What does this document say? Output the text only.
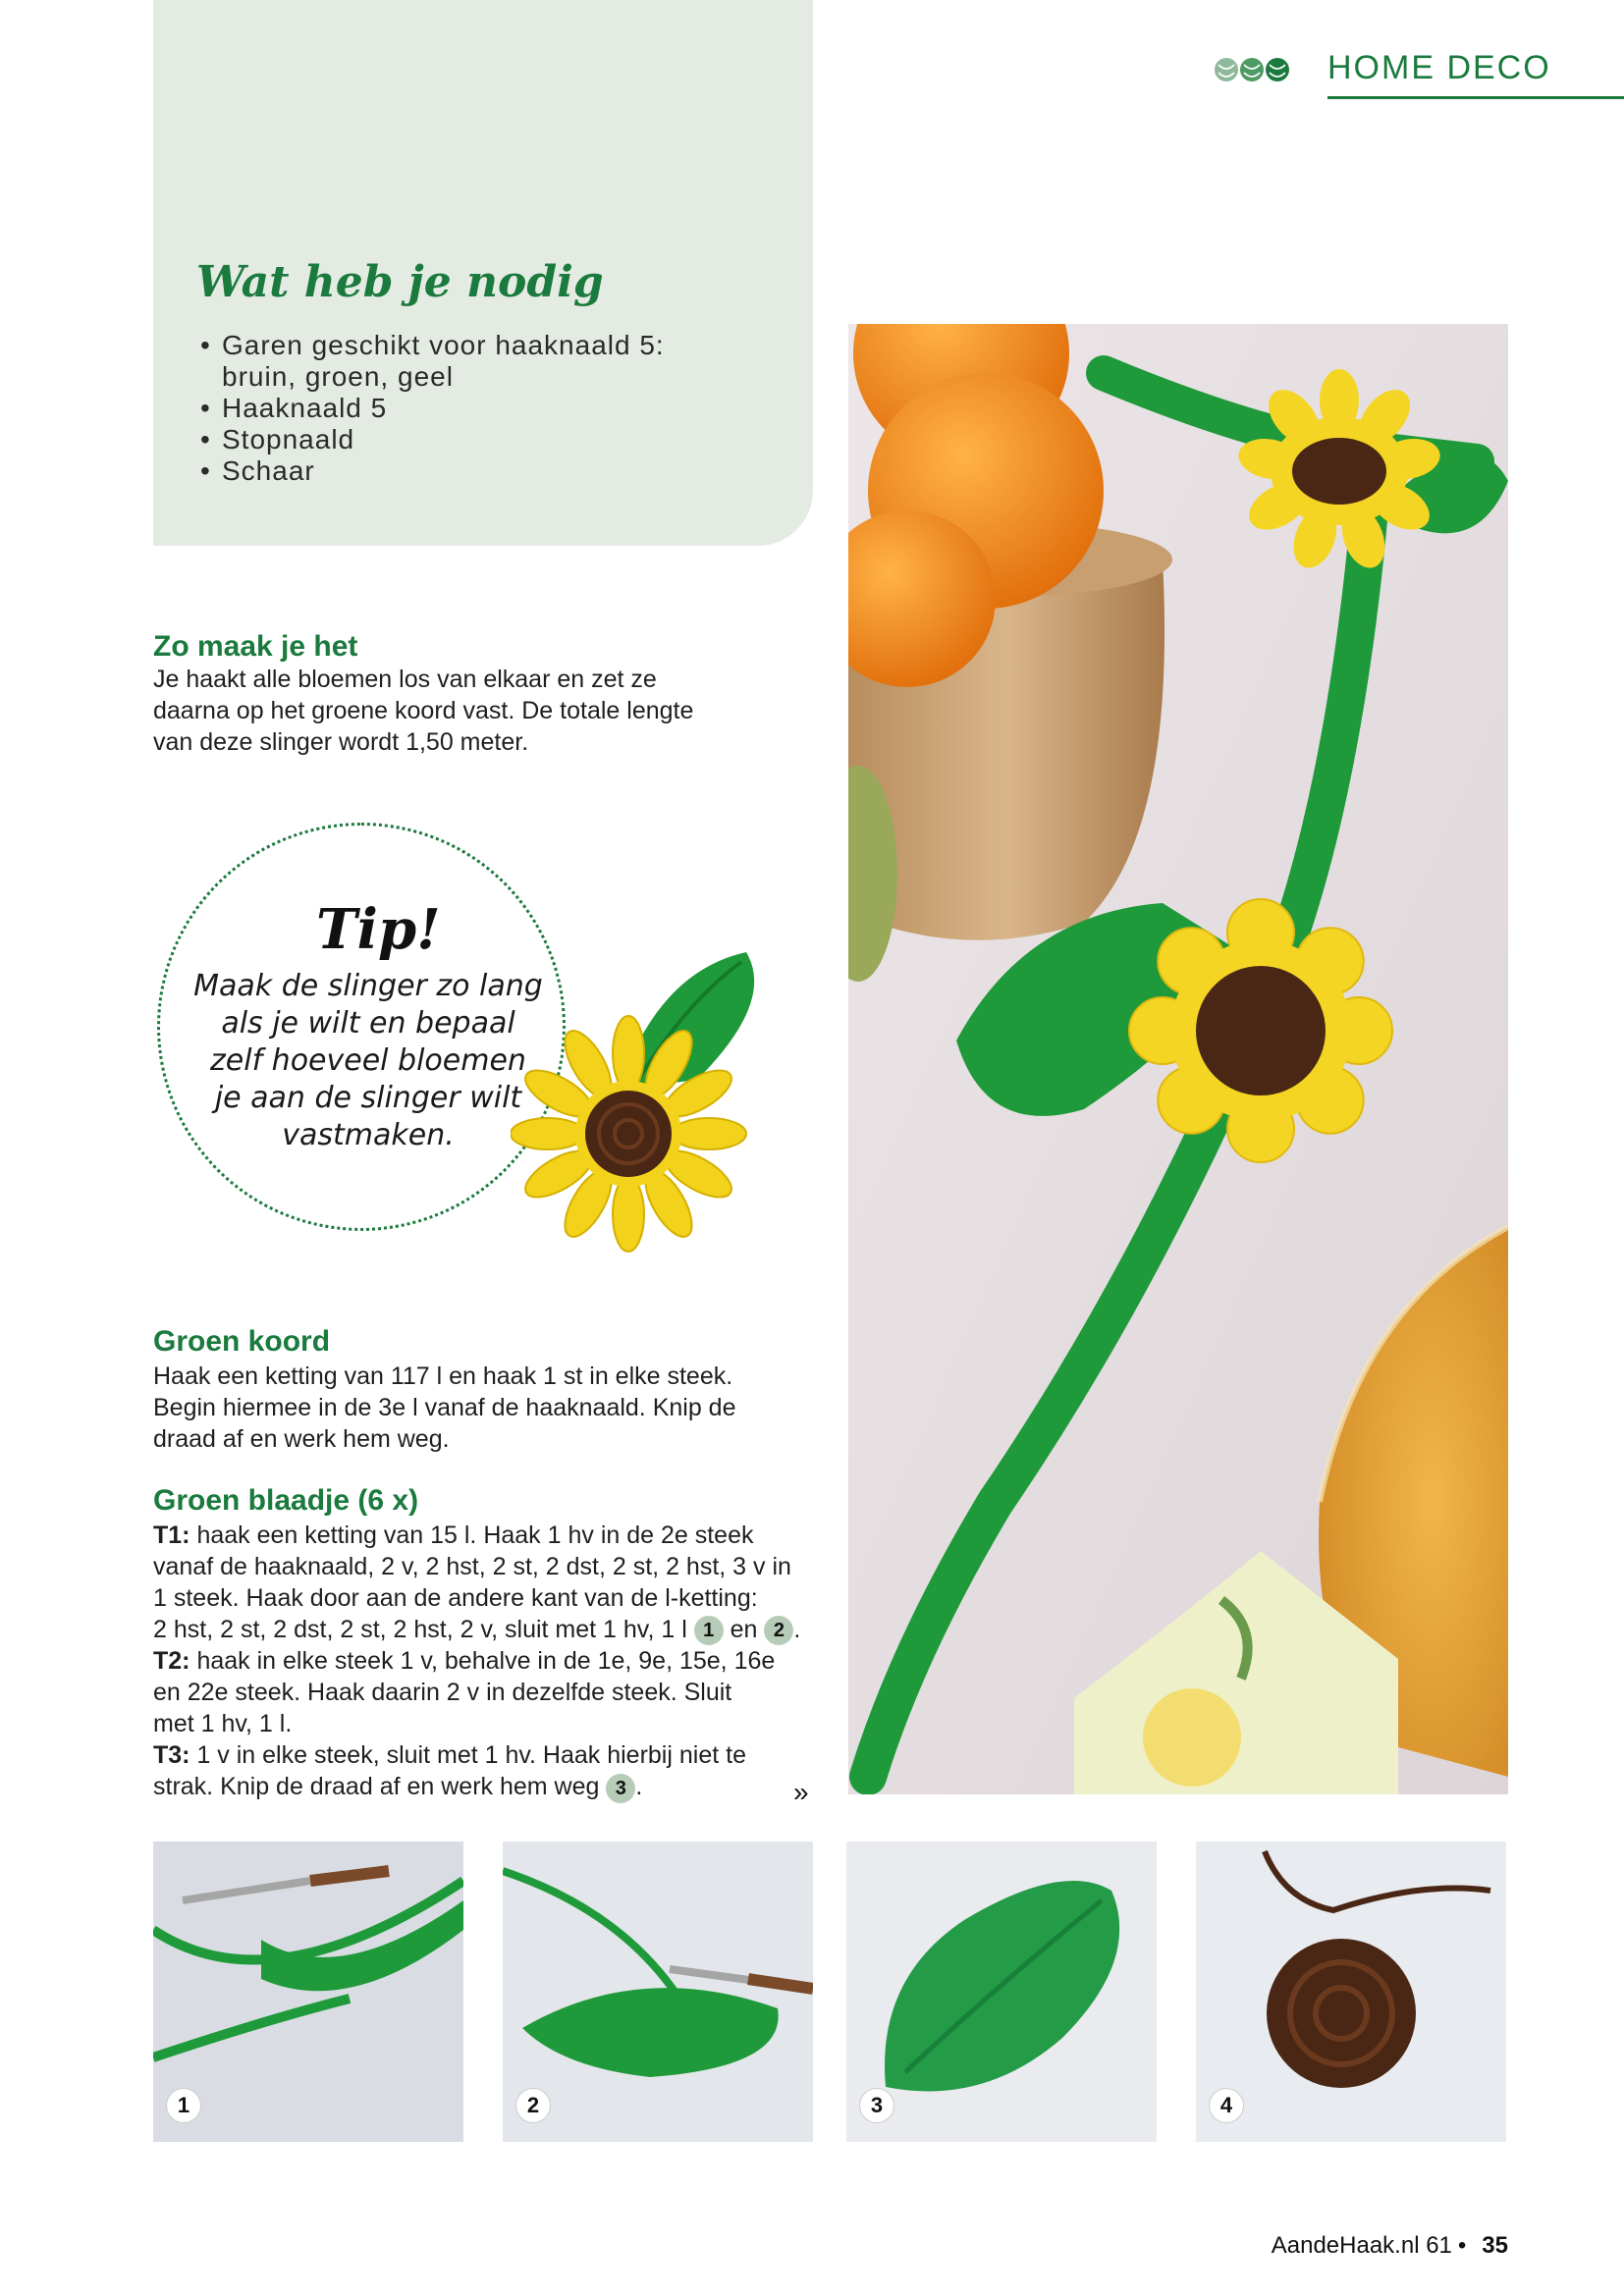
HOME DECO
Wat heb je nodig
• Garen geschikt voor haaknaald 5:
bruin, groen, geel
• Haaknaald 5
• Stopnaald
• Schaar
Zo maak je het

Je haakt alle bloemen los van elkaar en zet ze

daarna op het groene koord vast. De totale lengte

van deze slinger wordt 1,50 meter.

Tip!
Maak de slinger zo lang
als je wilt en bepaal
zelf hoeveel bloemen
je aan de slinger wilt
vastmaken.
Groen koord

Haak een ketting van 117 l en haak 1 st in elke steek.

Begin hiermee in de 3e l vanaf de haaknaald. Knip de

draad af en werk hem weg.

Groen blaadje (6 x)

T1: haak een ketting van 15 l. Haak 1 hv in de 2e steek

vanaf de haaknaald, 2 v, 2 hst, 2 st, 2 dst, 2 st, 2 hst, 3 v in

1 steek. Haak door aan de andere kant van de l-ketting:

2 hst, 2 st, 2 dst, 2 st, 2 hst, 2 v, sluit met 1 hv, 1 l 1 en 2 .

T2: haak in elke steek 1 v, behalve in de 1e, 9e, 15e, 16e

en 22e steek. Haak daarin 2 v in dezelfde steek. Sluit

met 1 hv, 1 l.

T3: 1 v in elke steek, sluit met 1 hv. Haak hierbij niet te

strak. Knip de draad af en werk hem weg 3 .	»
1	2	3	4
AandeHaak.nl 61 • 35
